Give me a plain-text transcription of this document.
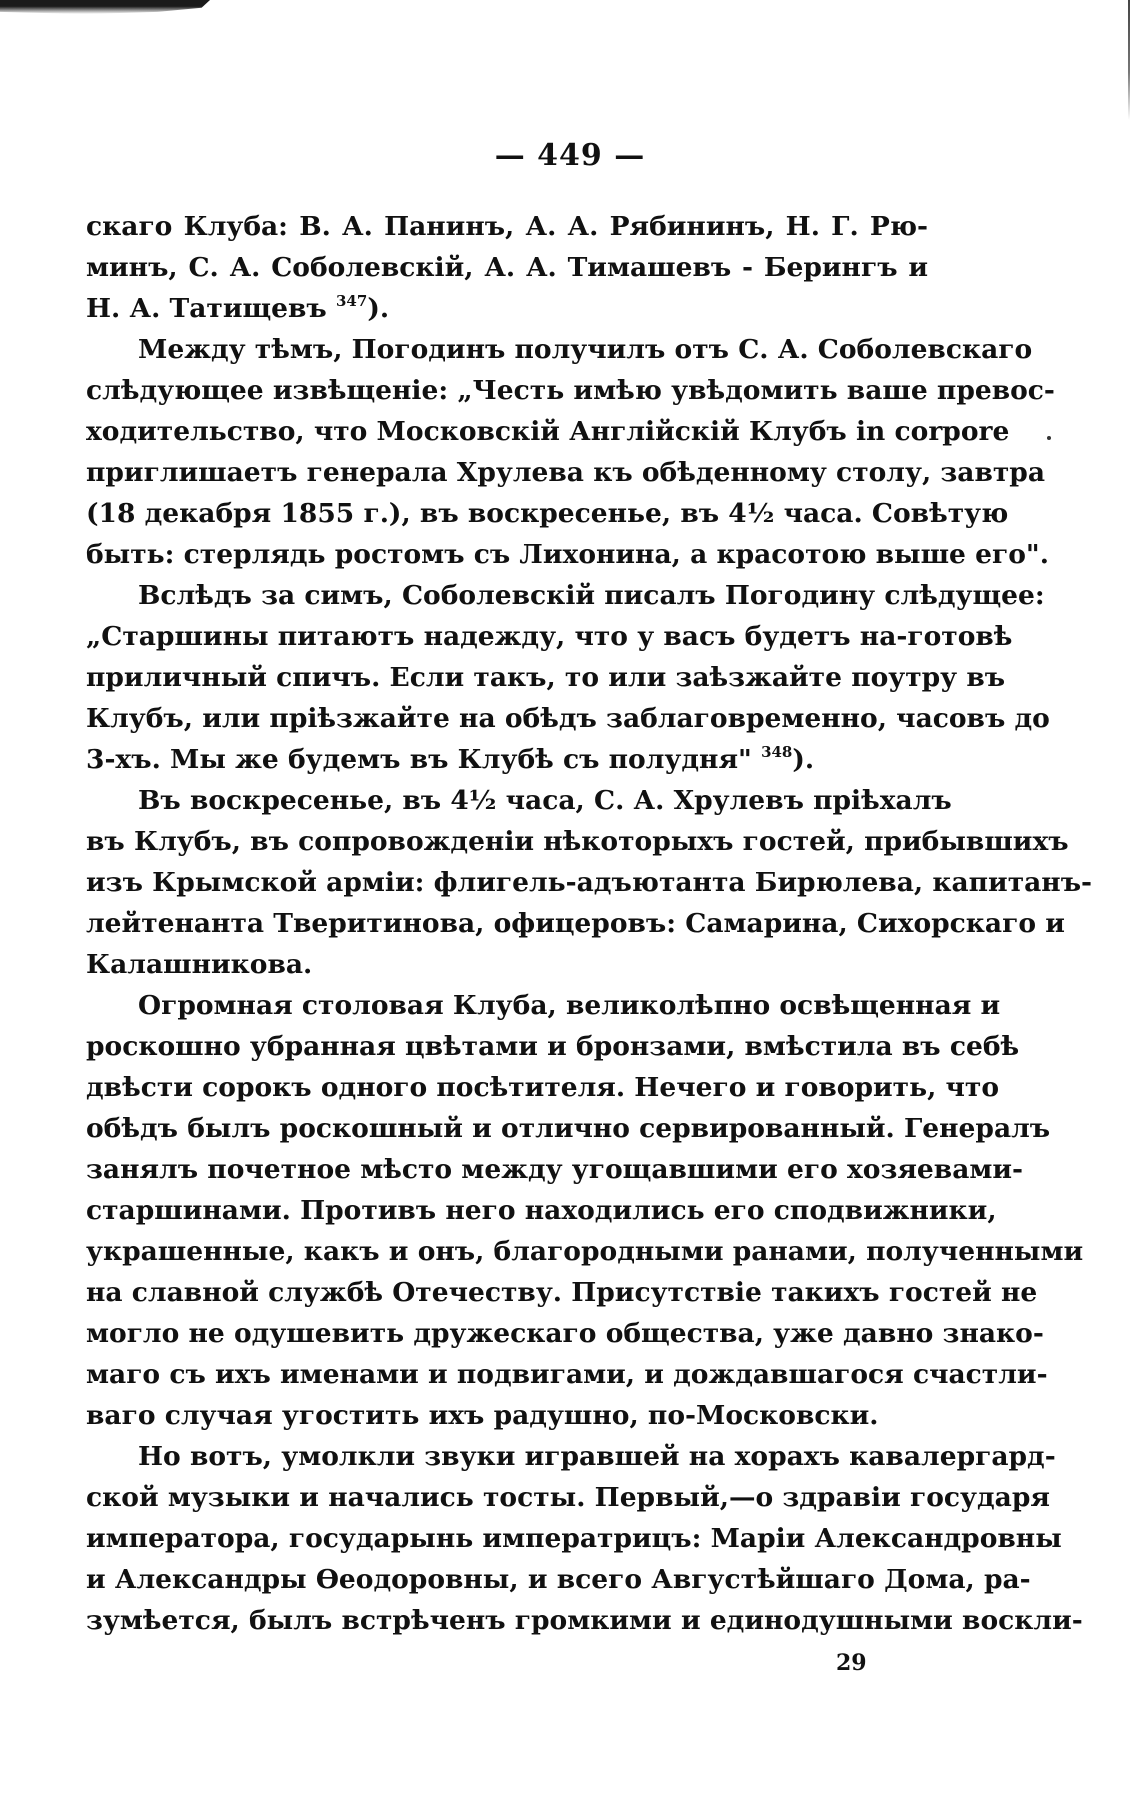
— 449 —
скаго Клуба: В. А. Панинъ, А. А. Рябининъ, Н. Г. Рю-
минъ, С. А. Соболевскій, А. А. Тимашевъ - Берингъ и
Н. А. Татищевъ $^{347}$).
Между тѣмъ, Погодинъ получилъ отъ С. А. Соболевскаго
слѣдующее извѣщеніе: „Честь имѣю увѣдомить ваше превос-
ходительство, что Московскій Англійскій Клубъ in corpore
приглишаетъ генерала Хрулева къ обѣденному столу, завтра
(18 декабря 1855 г.), въ воскресенье, въ 4½ часа. Совѣтую
быть: стерлядь ростомъ съ Лихонина, а красотою выше его".
Вслѣдъ за симъ, Соболевскій писалъ Погодину слѣдущее:
„Старшины питаютъ надежду, что у васъ будетъ на-готовѣ
приличный спичъ. Если такъ, то или заѣзжайте поутру въ
Клубъ, или пріѣзжайте на обѣдъ заблаговременно, часовъ до
3-хъ. Мы же будемъ въ Клубѣ съ полудня" $^{348}$).
Въ воскресенье, въ 4½ часа, С. А. Хрулевъ пріѣхалъ
въ Клубъ, въ сопровожденіи нѣкоторыхъ гостей, прибывшихъ
изъ Крымской арміи: флигель-адъютанта Бирюлева, капитанъ-
лейтенанта Тверитинова, офицеровъ: Самарина, Сихорскаго и
Калашникова.
Огромная столовая Клуба, великолѣпно освѣщенная и
роскошно убранная цвѣтами и бронзами, вмѣстила въ себѣ
двѣсти сорокъ одного посѣтителя. Нечего и говорить, что
обѣдъ былъ роскошный и отлично сервированный. Генералъ
занялъ почетное мѣсто между угощавшими его хозяевами-
старшинами. Противъ него находились его сподвижники,
украшенные, какъ и онъ, благородными ранами, полученными
на славной службѣ Отечеству. Присутствіе такихъ гостей не
могло не одушевить дружескаго общества, уже давно знако-
маго съ ихъ именами и подвигами, и дождавшагося счастли-
ваго случая угостить ихъ радушно, по-Московски.
Но вотъ, умолкли звуки игравшей на хорахъ кавалергард-
ской музыки и начались тосты. Первый,—о здравіи государя
императора, государынь императрицъ: Маріи Александровны
и Александры Ѳеодоровны, и всего Августѣйшаго Дома, ра-
зумѣется, былъ встрѣченъ громкими и единодушными воскли-
29
